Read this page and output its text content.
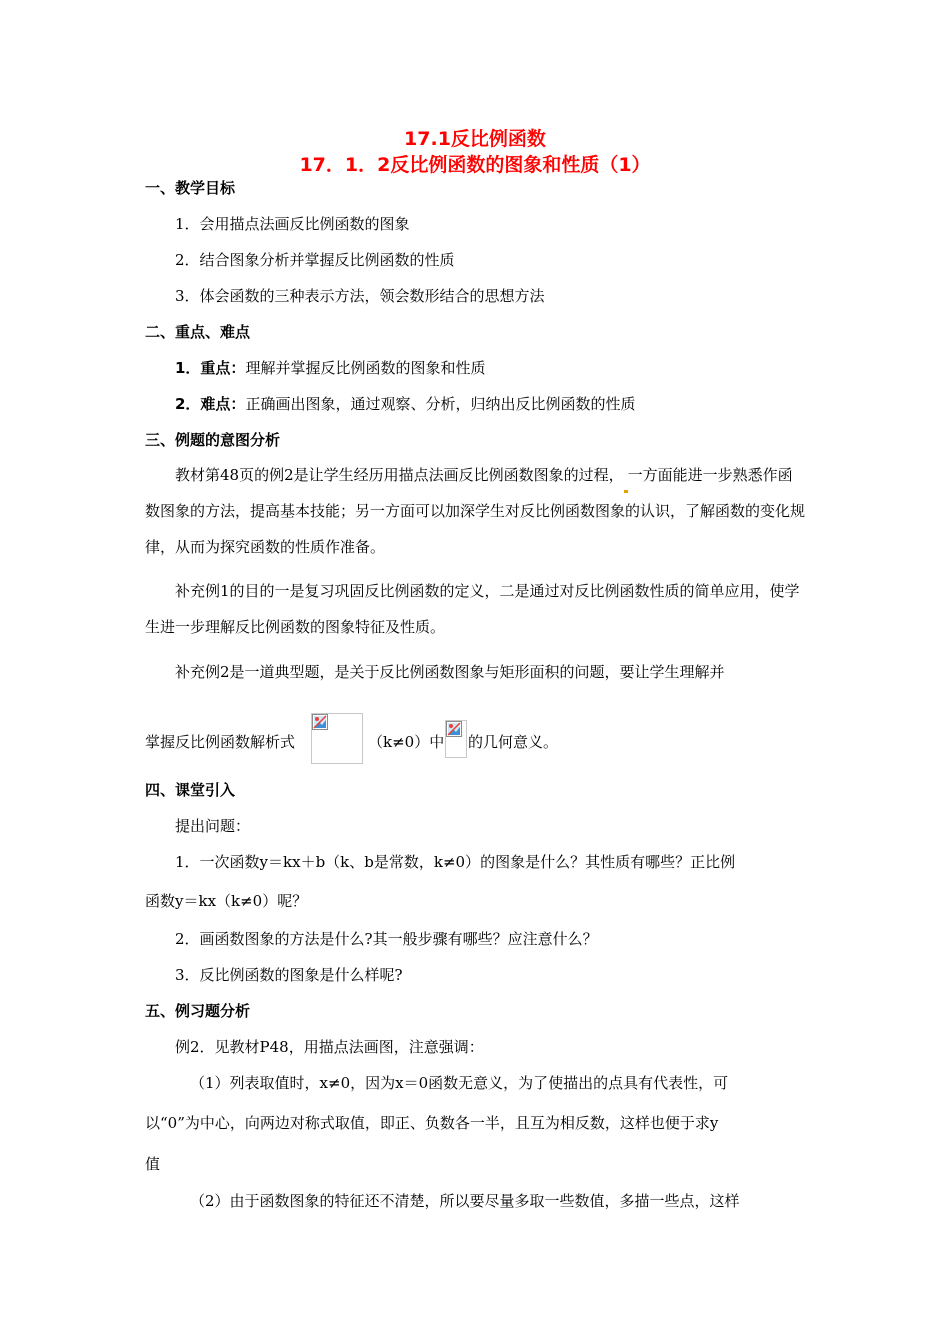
17.1反比例函数
17．1．2反比例函数的图象和性质（1）
一、教学目标
1．会用描点法画反比例函数的图象
2．结合图象分析并掌握反比例函数的性质
3．体会函数的三种表示方法，领会数形结合的思想方法
二、重点、难点
1．重点：理解并掌握反比例函数的图象和性质
2．难点：正确画出图象，通过观察、分析，归纳出反比例函数的性质
三、例题的意图分析
教材第48页的例2是让学生经历用描点法画反比例函数图象的过程， 一方面能进一步熟悉作函数图象的方法，提高基本技能；另一方面可以加深学生对反比例函数图象的认识，了解函数的变化规律，从而为探究函数的性质作准备。
补充例1的目的一是复习巩固反比例函数的定义，二是通过对反比例函数性质的简单应用，使学生进一步理解反比例函数的图象特征及性质。
补充例2是一道典型题，是关于反比例函数图象与矩形面积的问题，要让学生理解并
掌握反比例函数解析式	（k≠0）中 的几何意义。
四、课堂引入
提出问题：
1．一次函数y＝kx＋b（k、b是常数，k≠0）的图象是什么？其性质有哪些？正比例
函数y＝kx（k≠0）呢？
2．画函数图象的方法是什么?其一般步骤有哪些？应注意什么？
3．反比例函数的图象是什么样呢?
五、例习题分析
例2．见教材P48，用描点法画图，注意强调：
（1）列表取值时，x≠0，因为x＝0函数无意义，为了使描出的点具有代表性，可
以“0”为中心，向两边对称式取值，即正、负数各一半，且互为相反数，这样也便于求y
值
（2）由于函数图象的特征还不清楚，所以要尽量多取一些数值，多描一些点，这样
